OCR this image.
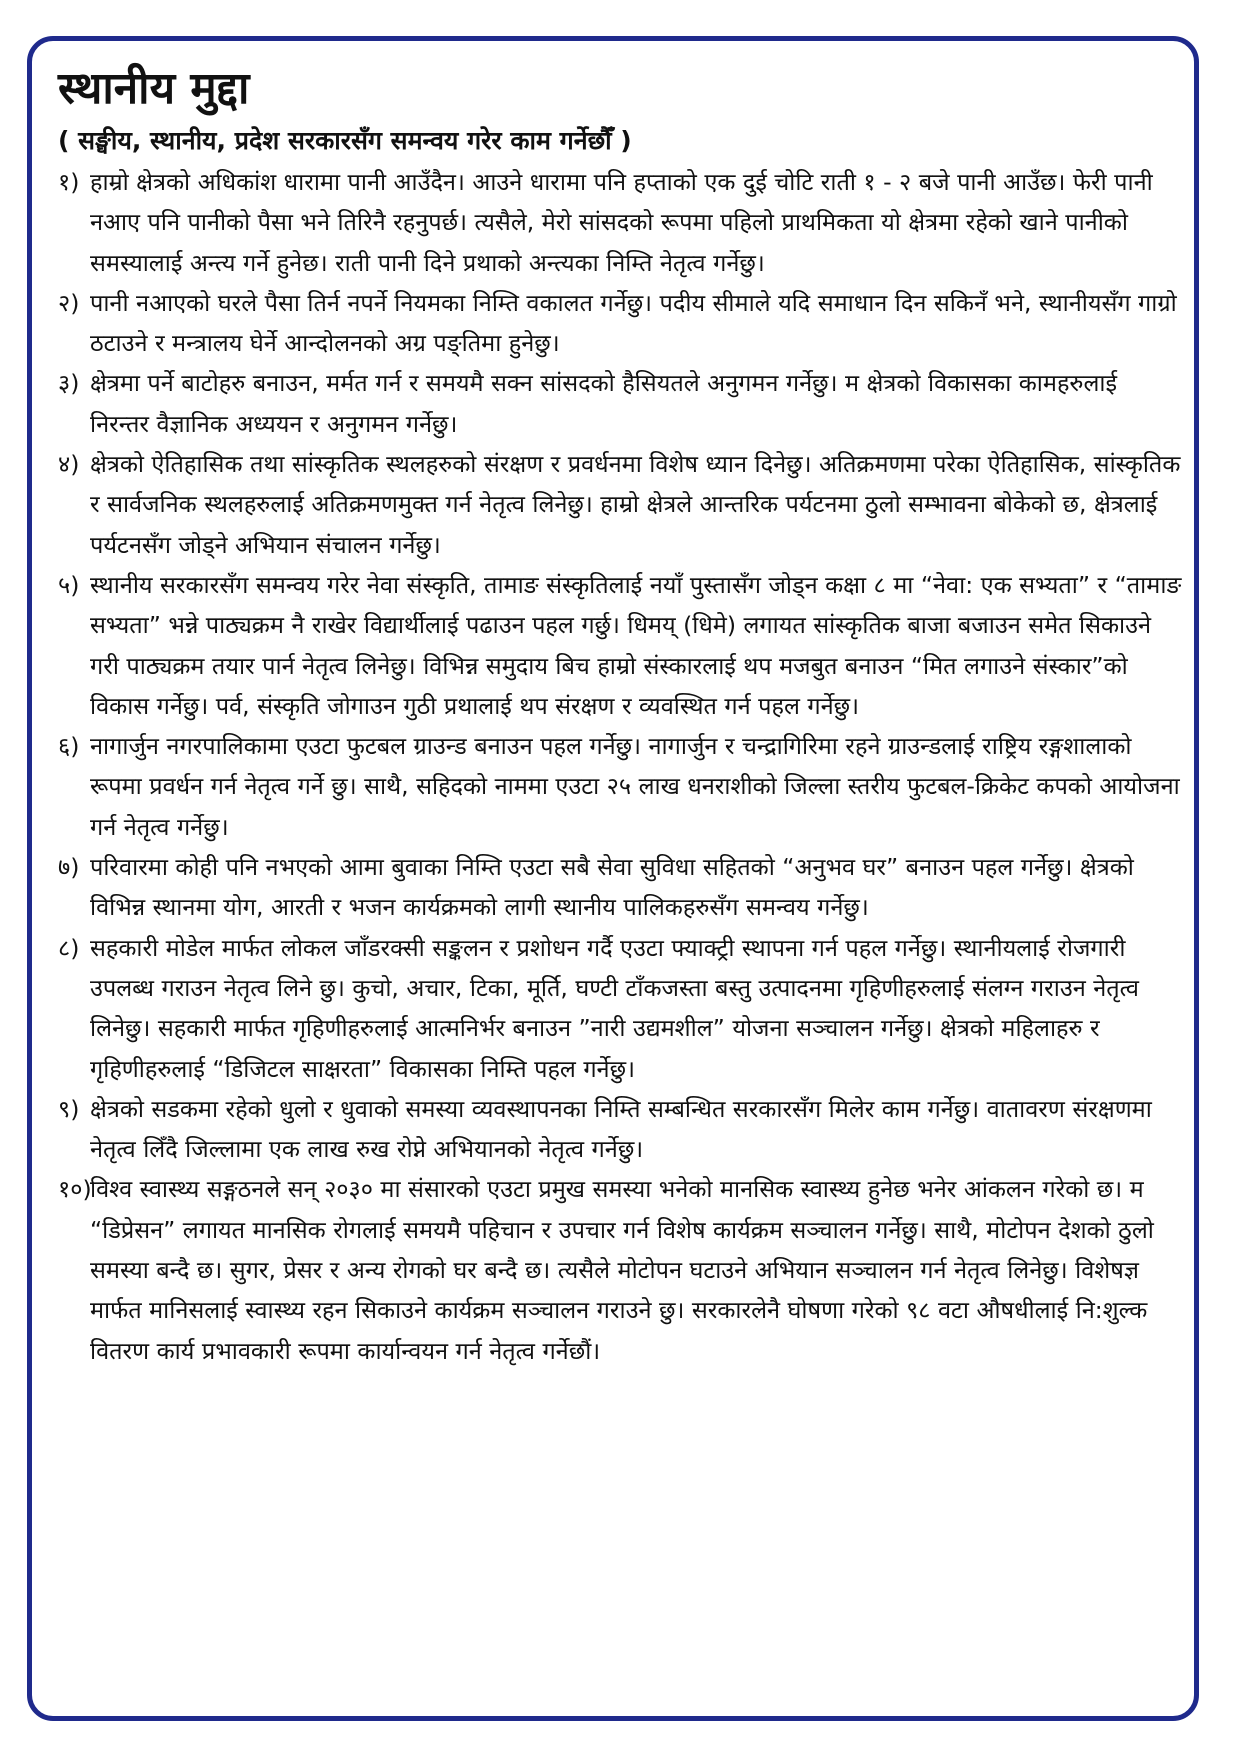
स्थानीय मुद्दा
( सङ्घीय, स्थानीय, प्रदेश सरकारसँग समन्वय गरेर काम गर्नेछौँ )
१) हाम्रो क्षेत्रको अधिकांश धारामा पानी आउँदैन। आउने धारामा पनि हप्ताको एक दुई चोटि राती १ - २ बजे पानी आउँछ। फेरी पानी नआए पनि पानीको पैसा भने तिरिनै रहनुपर्छ। त्यसैले, मेरो सांसदको रूपमा पहिलो प्राथमिकता यो क्षेत्रमा रहेको खाने पानीको समस्यालाई अन्त्य गर्ने हुनेछ। राती पानी दिने प्रथाको अन्त्यका निम्ति नेतृत्व गर्नेछु।
२) पानी नआएको घरले पैसा तिर्न नपर्ने नियमका निम्ति वकालत गर्नेछु। पदीय सीमाले यदि समाधान दिन सकिनँ भने, स्थानीयसँग गाग्रो ठटाउने र मन्त्रालय घेर्ने आन्दोलनको अग्र पङ्तिमा हुनेछु।
३) क्षेत्रमा पर्ने बाटोहरु बनाउन, मर्मत गर्न र समयमै सक्न सांसदको हैसियतले अनुगमन गर्नेछु। म क्षेत्रको विकासका कामहरुलाई निरन्तर वैज्ञानिक अध्ययन र अनुगमन गर्नेछु।
४) क्षेत्रको ऐतिहासिक तथा सांस्कृतिक स्थलहरुको संरक्षण र प्रवर्धनमा विशेष ध्यान दिनेछु। अतिक्रमणमा परेका ऐतिहासिक, सांस्कृतिक र सार्वजनिक स्थलहरुलाई अतिक्रमणमुक्त गर्न नेतृत्व लिनेछु। हाम्रो क्षेत्रले आन्तरिक पर्यटनमा ठुलो सम्भावना बोकेको छ, क्षेत्रलाई पर्यटनसँग जोड्ने अभियान संचालन गर्नेछु।
५) स्थानीय सरकारसँग समन्वय गरेर नेवा संस्कृति, तामाङ संस्कृतिलाई नयाँ पुस्तासँग जोड्न कक्षा ८ मा “नेवा: एक सभ्यता” र “तामाङ सभ्यता” भन्ने पाठ्यक्रम नै राखेर विद्यार्थीलाई पढाउन पहल गर्छु। धिमय् (धिमे) लगायत सांस्कृतिक बाजा बजाउन समेत सिकाउने गरी पाठ्यक्रम तयार पार्न नेतृत्व लिनेछु। विभिन्न समुदाय बिच हाम्रो संस्कारलाई थप मजबुत बनाउन “मित लगाउने संस्कार”को विकास गर्नेछु। पर्व, संस्कृति जोगाउन गुठी प्रथालाई थप संरक्षण र व्यवस्थित गर्न पहल गर्नेछु।
६) नागार्जुन नगरपालिकामा एउटा फुटबल ग्राउन्ड बनाउन पहल गर्नेछु। नागार्जुन र चन्द्रागिरिमा रहने ग्राउन्डलाई राष्ट्रिय रङ्गशालाको रूपमा प्रवर्धन गर्न नेतृत्व गर्ने छु। साथै, सहिदको नाममा एउटा २५ लाख धनराशीको जिल्ला स्तरीय फुटबल-क्रिकेट कपको आयोजना गर्न नेतृत्व गर्नेछु।
७) परिवारमा कोही पनि नभएको आमा बुवाका निम्ति एउटा सबै सेवा सुविधा सहितको “अनुभव घर” बनाउन पहल गर्नेछु। क्षेत्रको विभिन्न स्थानमा योग, आरती र भजन कार्यक्रमको लागी स्थानीय पालिकहरुसँग समन्वय गर्नेछु।
८) सहकारी मोडेल मार्फत लोकल जाँडरक्सी सङ्कलन र प्रशोधन गर्दै एउटा फ्याक्ट्री स्थापना गर्न पहल गर्नेछु। स्थानीयलाई रोजगारी उपलब्ध गराउन नेतृत्व लिने छु। कुचो, अचार, टिका, मूर्ति, घण्टी टाँकजस्ता बस्तु उत्पादनमा गृहिणीहरुलाई संलग्न गराउन नेतृत्व लिनेछु। सहकारी मार्फत गृहिणीहरुलाई आत्मनिर्भर बनाउन ”नारी उद्यमशील” योजना सञ्चालन गर्नेछु। क्षेत्रको महिलाहरु र गृहिणीहरुलाई “डिजिटल साक्षरता” विकासका निम्ति पहल गर्नेछु।
९) क्षेत्रको सडकमा रहेको धुलो र धुवाको समस्या व्यवस्थापनका निम्ति सम्बन्धित सरकारसँग मिलेर काम गर्नेछु। वातावरण संरक्षणमा नेतृत्व लिँदै जिल्लामा एक लाख रुख रोप्ने अभियानको नेतृत्व गर्नेछु।
१०)
विश्व स्वास्थ्य सङ्गठनले सन् २०३० मा संसारको एउटा प्रमुख समस्या भनेको मानसिक स्वास्थ्य हुनेछ भनेर आंकलन गरेको छ। म “डिप्रेसन” लगायत मानसिक रोगलाई समयमै पहिचान र उपचार गर्न विशेष कार्यक्रम सञ्चालन गर्नेछु। साथै, मोटोपन देशको ठुलो समस्या बन्दै छ। सुगर, प्रेसर र अन्य रोगको घर बन्दै छ। त्यसैले मोटोपन घटाउने अभियान सञ्चालन गर्न नेतृत्व लिनेछु। विशेषज्ञ मार्फत मानिसलाई स्वास्थ्य रहन सिकाउने कार्यक्रम सञ्चालन गराउने छु। सरकारलेनै घोषणा गरेको ९८ वटा औषधीलाई नि:शुल्क वितरण कार्य प्रभावकारी रूपमा कार्यान्वयन गर्न नेतृत्व गर्नेछौं।
